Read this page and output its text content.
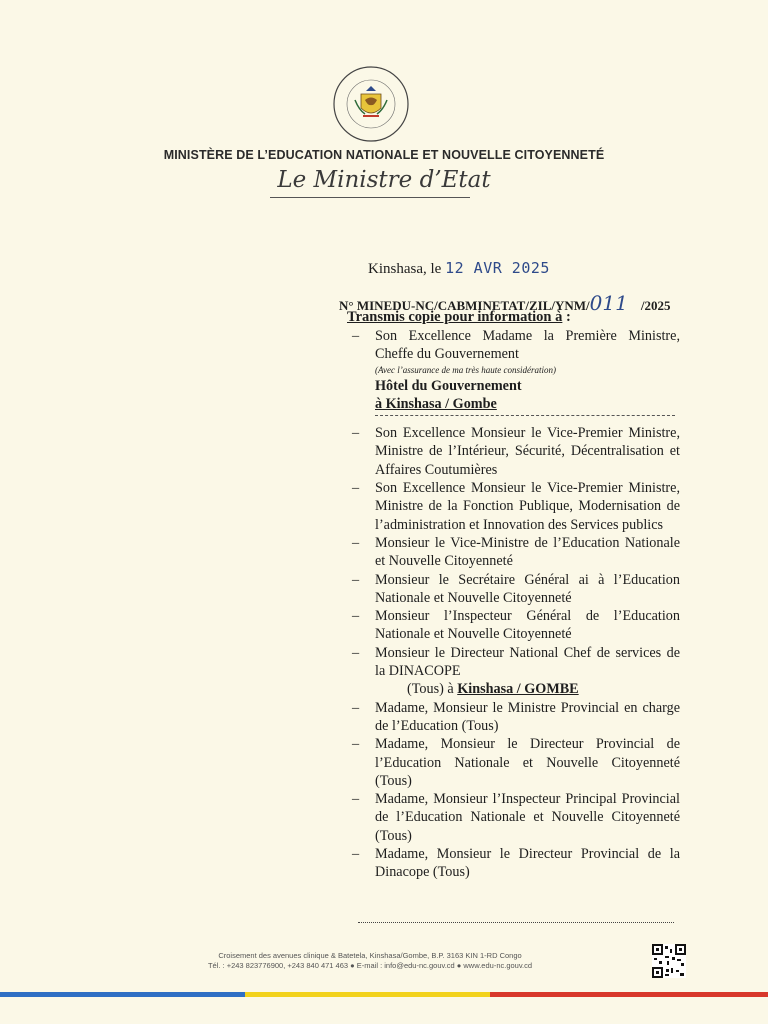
MINISTÈRE DE L’EDUCATION NATIONALE ET NOUVELLE CITOYENNETÉ
Le Ministre d’Etat
Kinshasa, le 12 AVR 2025
N° MINEDU-NC/CABMINETAT/ZIL/YNM/011 /2025
Transmis copie pour information à :
– Son Excellence Madame la Première Ministre, Cheffe du Gouvernement
(Avec l’assurance de ma très haute considération)
Hôtel du Gouvernement
à Kinshasa / Gombe
– Son Excellence Monsieur le Vice-Premier Ministre, Ministre de l’Intérieur, Sécurité, Décentralisation et Affaires Coutumières
– Son Excellence Monsieur le Vice-Premier Ministre, Ministre de la Fonction Publique, Modernisation de l’administration et Innovation des Services publics
– Monsieur le Vice-Ministre de l’Education Nationale et Nouvelle Citoyenneté
– Monsieur le Secrétaire Général ai à l’Education Nationale et Nouvelle Citoyenneté
– Monsieur l’Inspecteur Général de l’Education Nationale et Nouvelle Citoyenneté
– Monsieur le Directeur National Chef de services de la DINACOPE
(Tous) à Kinshasa / GOMBE
– Madame, Monsieur le Ministre Provincial en charge de l’Education (Tous)
– Madame, Monsieur le Directeur Provincial de l’Education Nationale et Nouvelle Citoyenneté (Tous)
– Madame, Monsieur l’Inspecteur Principal Provincial de l’Education Nationale et Nouvelle Citoyenneté (Tous)
– Madame, Monsieur le Directeur Provincial de la Dinacope (Tous)
Croisement des avenues clinique & Batetela, Kinshasa/Gombe, B.P. 3163 KIN 1-RD Congo
Tél. : +243 823776900, +243 840 471 463 ● E-mail : info@edu-nc.gouv.cd ● www.edu-nc.gouv.cd
